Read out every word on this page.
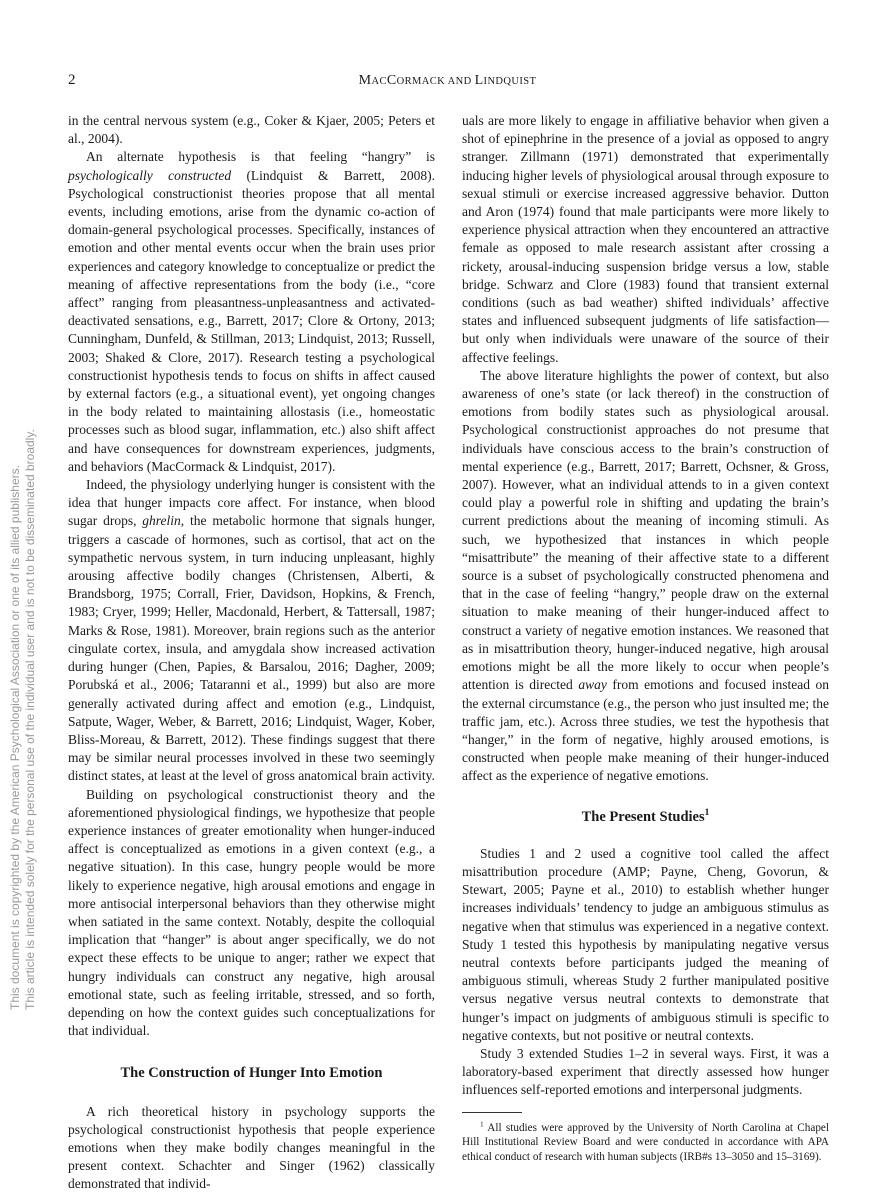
This document is copyrighted by the American Psychological Association or one of its allied publishers. This article is intended solely for the personal use of the individual user and is not to be disseminated broadly.
2	MACCORMACK AND LINDQUIST

in the central nervous system (e.g., Coker & Kjaer, 2005; Peters et al., 2004).

An alternate hypothesis is that feeling “hangry” is psychologically constructed (Lindquist & Barrett, 2008). Psychological constructionist theories propose that all mental events, including emotions, arise from the dynamic co-action of domain-general psychological processes. Specifically, instances of emotion and other mental events occur when the brain uses prior experiences and category knowledge to conceptualize or predict the meaning of affective representations from the body (i.e., “core affect” ranging from pleasantness-unpleasantness and activated-deactivated sensations, e.g., Barrett, 2017; Clore & Ortony, 2013; Cunningham, Dunfeld, & Stillman, 2013; Lindquist, 2013; Russell, 2003; Shaked & Clore, 2017). Research testing a psychological constructionist hypothesis tends to focus on shifts in affect caused by external factors (e.g., a situational event), yet ongoing changes in the body related to maintaining allostasis (i.e., homeostatic processes such as blood sugar, inflammation, etc.) also shift affect and have consequences for downstream experiences, judgments, and behaviors (MacCormack & Lindquist, 2017).

Indeed, the physiology underlying hunger is consistent with the idea that hunger impacts core affect. For instance, when blood sugar drops, ghrelin, the metabolic hormone that signals hunger, triggers a cascade of hormones, such as cortisol, that act on the sympathetic nervous system, in turn inducing unpleasant, highly arousing affective bodily changes (Christensen, Alberti, & Brandsborg, 1975; Corrall, Frier, Davidson, Hopkins, & French, 1983; Cryer, 1999; Heller, Macdonald, Herbert, & Tattersall, 1987; Marks & Rose, 1981). Moreover, brain regions such as the anterior cingulate cortex, insula, and amygdala show increased activation during hunger (Chen, Papies, & Barsalou, 2016; Dagher, 2009; Porubská et al., 2006; Tataranni et al., 1999) but also are more generally activated during affect and emotion (e.g., Lindquist, Satpute, Wager, Weber, & Barrett, 2016; Lindquist, Wager, Kober, Bliss-Moreau, & Barrett, 2012). These findings suggest that there may be similar neural processes involved in these two seemingly distinct states, at least at the level of gross anatomical brain activity.

Building on psychological constructionist theory and the aforementioned physiological findings, we hypothesize that people experience instances of greater emotionality when hunger-induced affect is conceptualized as emotions in a given context (e.g., a negative situation). In this case, hungry people would be more likely to experience negative, high arousal emotions and engage in more antisocial interpersonal behaviors than they otherwise might when satiated in the same context. Notably, despite the colloquial implication that “hanger” is about anger specifically, we do not expect these effects to be unique to anger; rather we expect that hungry individuals can construct any negative, high arousal emotional state, such as feeling irritable, stressed, and so forth, depending on how the context guides such conceptualizations for that individual.

The Construction of Hunger Into Emotion

A rich theoretical history in psychology supports the psychological constructionist hypothesis that people experience emotions when they make bodily changes meaningful in the present context. Schachter and Singer (1962) classically demonstrated that individ-

uals are more likely to engage in affiliative behavior when given a shot of epinephrine in the presence of a jovial as opposed to angry stranger. Zillmann (1971) demonstrated that experimentally inducing higher levels of physiological arousal through exposure to sexual stimuli or exercise increased aggressive behavior. Dutton and Aron (1974) found that male participants were more likely to experience physical attraction when they encountered an attractive female as opposed to male research assistant after crossing a rickety, arousal-inducing suspension bridge versus a low, stable bridge. Schwarz and Clore (1983) found that transient external conditions (such as bad weather) shifted individuals’ affective states and influenced subsequent judgments of life satisfaction—but only when individuals were unaware of the source of their affective feelings.

The above literature highlights the power of context, but also awareness of one’s state (or lack thereof) in the construction of emotions from bodily states such as physiological arousal. Psychological constructionist approaches do not presume that individuals have conscious access to the brain’s construction of mental experience (e.g., Barrett, 2017; Barrett, Ochsner, & Gross, 2007). However, what an individual attends to in a given context could play a powerful role in shifting and updating the brain’s current predictions about the meaning of incoming stimuli. As such, we hypothesized that instances in which people “misattribute” the meaning of their affective state to a different source is a subset of psychologically constructed phenomena and that in the case of feeling “hangry,” people draw on the external situation to make meaning of their hunger-induced affect to construct a variety of negative emotion instances. We reasoned that as in misattribution theory, hunger-induced negative, high arousal emotions might be all the more likely to occur when people’s attention is directed away from emotions and focused instead on the external circumstance (e.g., the person who just insulted me; the traffic jam, etc.). Across three studies, we test the hypothesis that “hanger,” in the form of negative, highly aroused emotions, is constructed when people make meaning of their hunger-induced affect as the experience of negative emotions.

The Present Studies$^1$

Studies 1 and 2 used a cognitive tool called the affect misattribution procedure (AMP; Payne, Cheng, Govorun, & Stewart, 2005; Payne et al., 2010) to establish whether hunger increases individuals’ tendency to judge an ambiguous stimulus as negative when that stimulus was experienced in a negative context. Study 1 tested this hypothesis by manipulating negative versus neutral contexts before participants judged the meaning of ambiguous stimuli, whereas Study 2 further manipulated positive versus negative versus neutral contexts to demonstrate that hunger’s impact on judgments of ambiguous stimuli is specific to negative contexts, but not positive or neutral contexts.

Study 3 extended Studies 1–2 in several ways. First, it was a laboratory-based experiment that directly assessed how hunger influences self-reported emotions and interpersonal judgments.

$^1$ All studies were approved by the University of North Carolina at Chapel Hill Institutional Review Board and were conducted in accordance with APA ethical conduct of research with human subjects (IRB#s 13–3050 and 15–3169).
